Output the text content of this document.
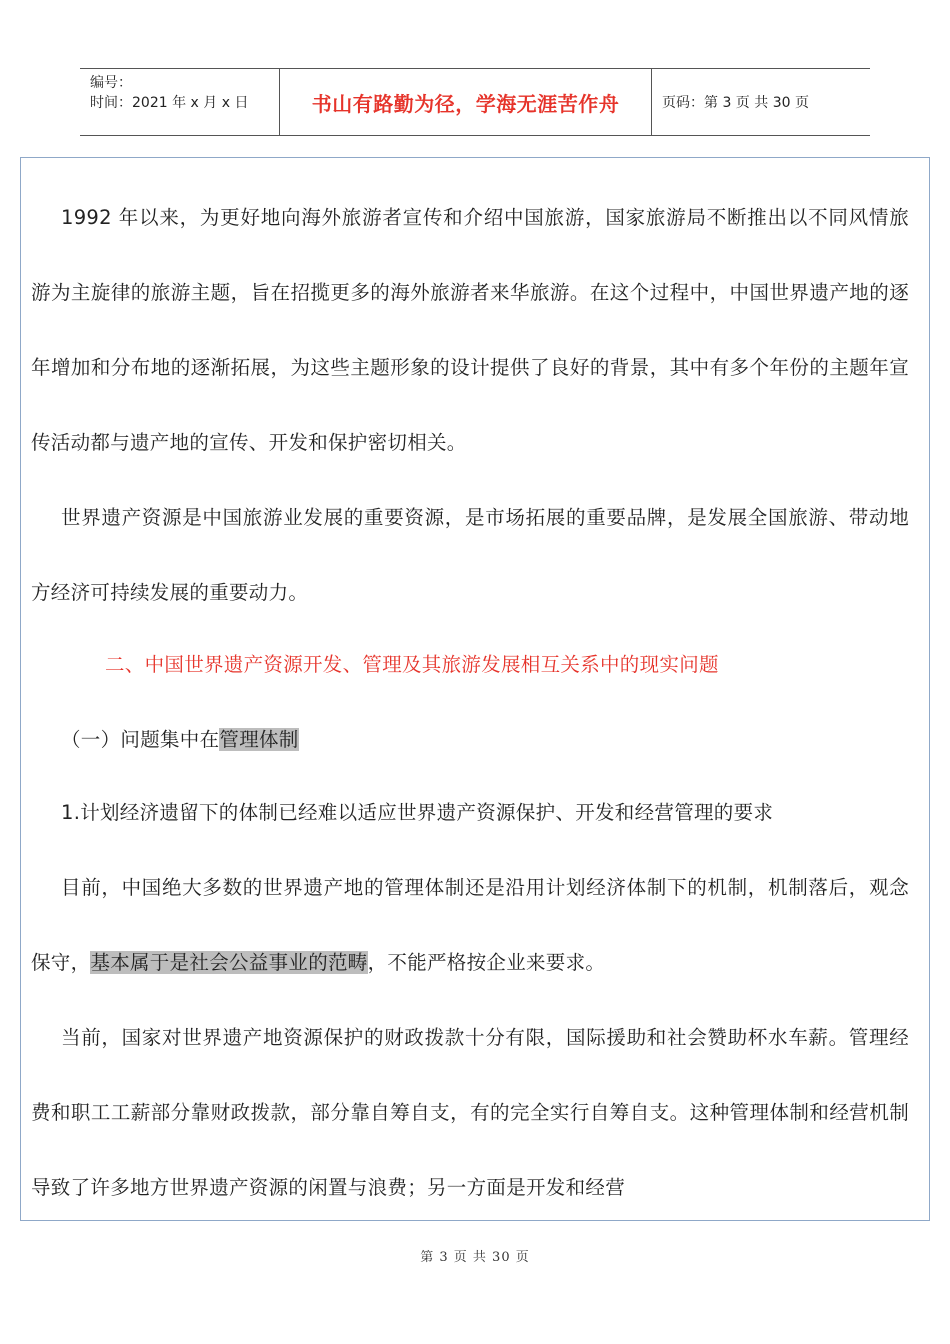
编号：
时间：2021 年 x 月 x 日	书山有路勤为径，学海无涯苦作舟	页码：第 3 页 共 30 页

1992 年以来，为更好地向海外旅游者宣传和介绍中国旅游，国家旅游局不断推出以不同风情旅游为主旋律的旅游主题，旨在招揽更多的海外旅游者来华旅游。在这个过程中，中国世界遗产地的逐年增加和分布地的逐渐拓展，为这些主题形象的设计提供了良好的背景，其中有多个年份的主题年宣传活动都与遗产地的宣传、开发和保护密切相关。

世界遗产资源是中国旅游业发展的重要资源，是市场拓展的重要品牌，是发展全国旅游、带动地方经济可持续发展的重要动力。

二、中国世界遗产资源开发、管理及其旅游发展相互关系中的现实问题

（一）问题集中在管理体制

1.计划经济遗留下的体制已经难以适应世界遗产资源保护、开发和经营管理的要求

目前，中国绝大多数的世界遗产地的管理体制还是沿用计划经济体制下的机制，机制落后，观念保守，基本属于是社会公益事业的范畴，不能严格按企业来要求。

当前，国家对世界遗产地资源保护的财政拨款十分有限，国际援助和社会赞助杯水车薪。管理经费和职工工薪部分靠财政拨款，部分靠自筹自支，有的完全实行自筹自支。这种管理体制和经营机制导致了许多地方世界遗产资源的闲置与浪费；另一方面是开发和经营

第 3 页 共 30 页
